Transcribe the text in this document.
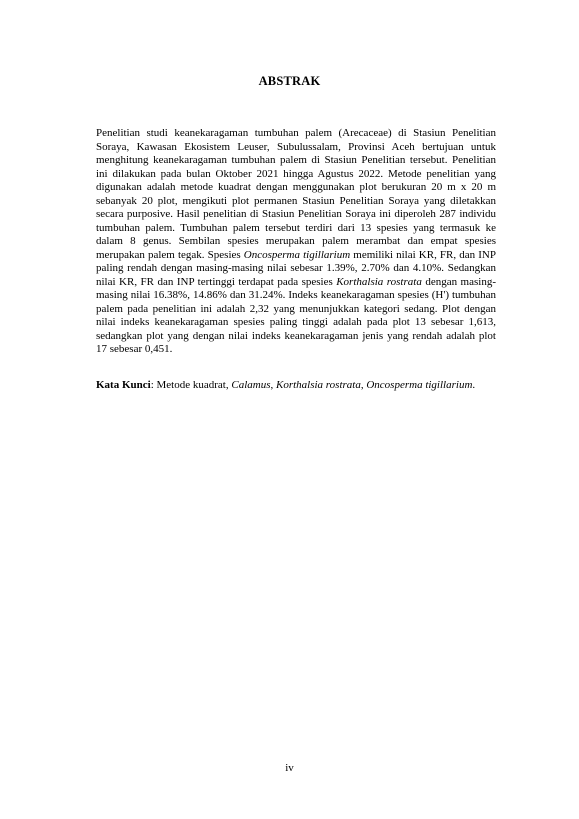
ABSTRAK

Penelitian studi keanekaragaman tumbuhan palem (Arecaceae) di Stasiun Penelitian Soraya, Kawasan Ekosistem Leuser, Subulussalam, Provinsi Aceh bertujuan untuk menghitung keanekaragaman tumbuhan palem di Stasiun Penelitian tersebut. Penelitian ini dilakukan pada bulan Oktober 2021 hingga Agustus 2022. Metode penelitian yang digunakan adalah metode kuadrat dengan menggunakan plot berukuran 20 m x 20 m sebanyak 20 plot, mengikuti plot permanen Stasiun Penelitian Soraya yang diletakkan secara purposive. Hasil penelitian di Stasiun Penelitian Soraya ini diperoleh 287 individu tumbuhan palem. Tumbuhan palem tersebut terdiri dari 13 spesies yang termasuk ke dalam 8 genus. Sembilan spesies merupakan palem merambat dan empat spesies merupakan palem tegak. Spesies Oncosperma tigillarium memiliki nilai KR, FR, dan INP paling rendah dengan masing-masing nilai sebesar 1.39%, 2.70% dan 4.10%. Sedangkan nilai KR, FR dan INP tertinggi terdapat pada spesies Korthalsia rostrata dengan masing-masing nilai 16.38%, 14.86% dan 31.24%. Indeks keanekaragaman spesies (H') tumbuhan palem pada penelitian ini adalah 2,32 yang menunjukkan kategori sedang. Plot dengan nilai indeks keanekaragaman spesies paling tinggi adalah pada plot 13 sebesar 1,613, sedangkan plot yang dengan nilai indeks keanekaragaman jenis yang rendah adalah plot 17 sebesar 0,451.

Kata Kunci: Metode kuadrat, Calamus, Korthalsia rostrata, Oncosperma tigillarium.

iv
